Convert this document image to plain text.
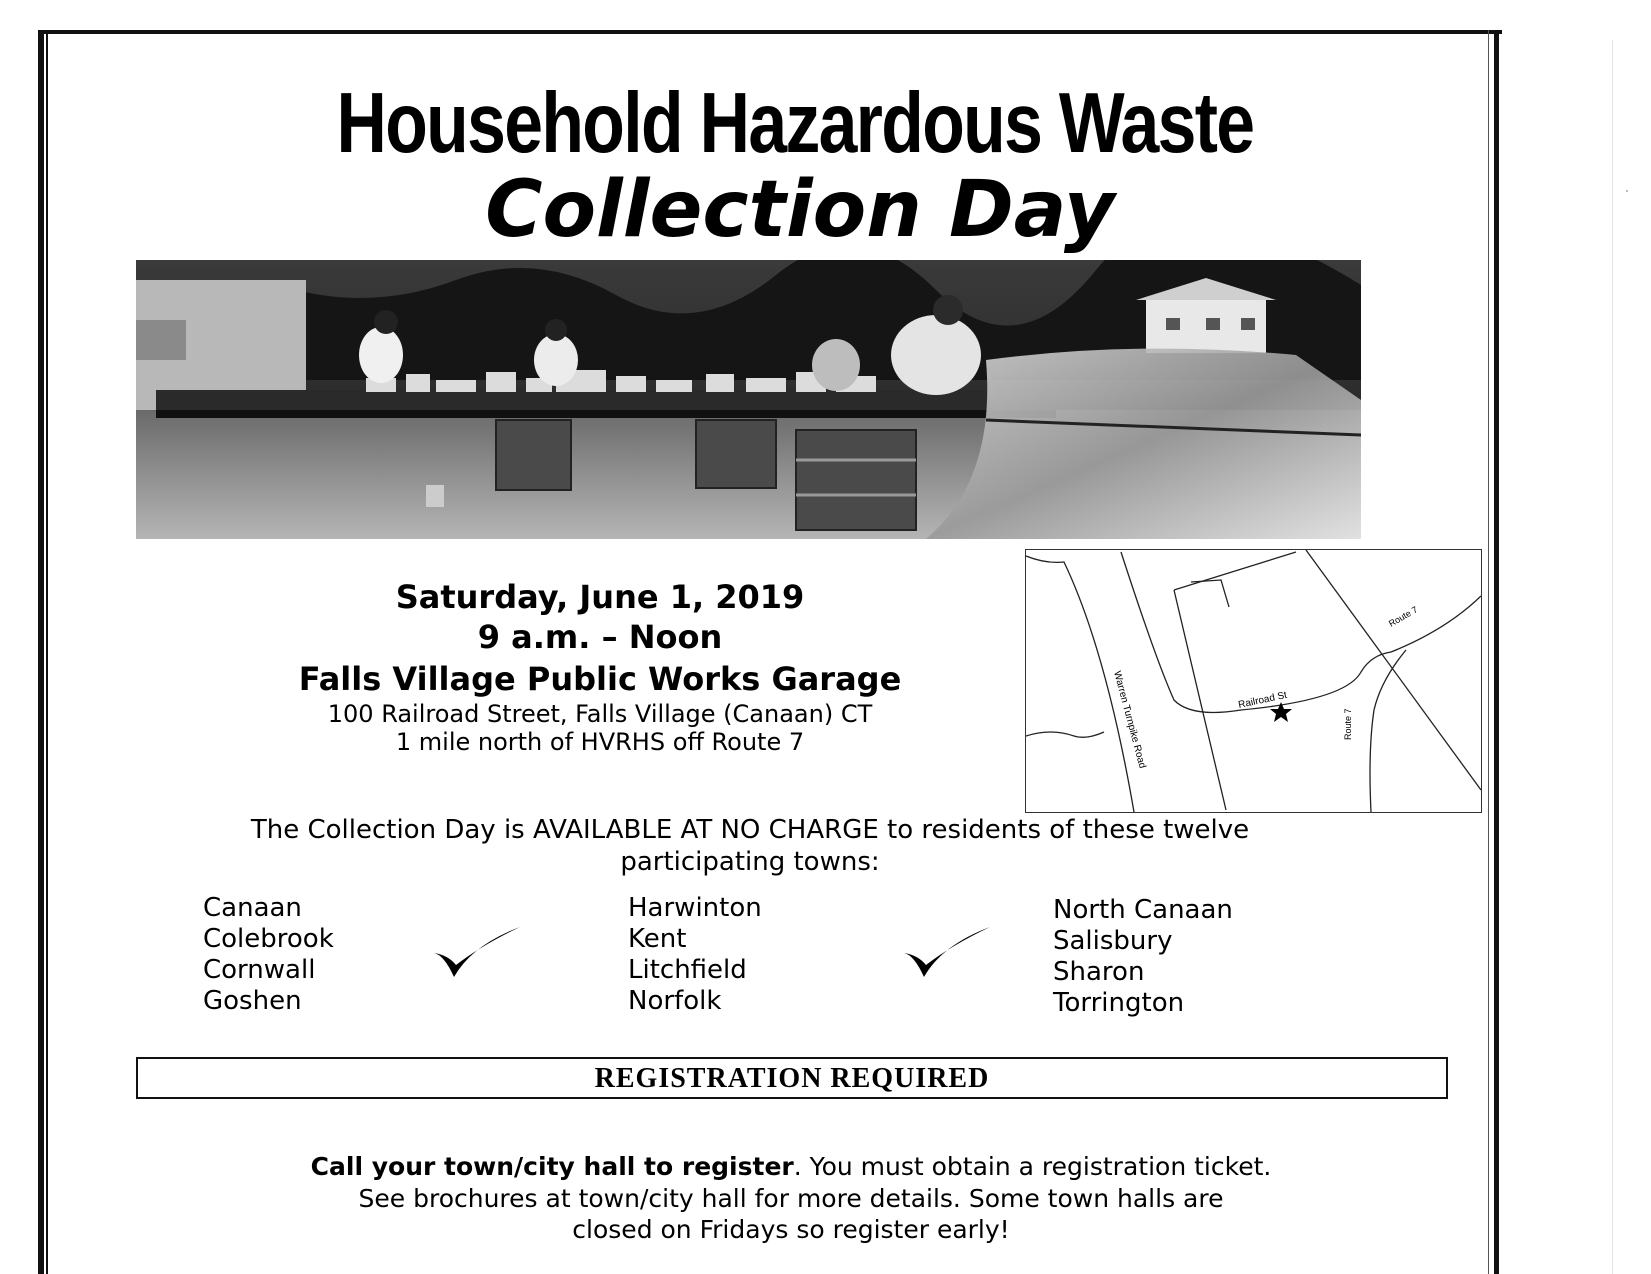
Household Hazardous Waste
Collection Day
Saturday, June 1, 2019
9 a.m. – Noon
Falls Village Public Works Garage
100 Railroad Street, Falls Village (Canaan) CT
1 mile north of HVRHS off Route 7	Warren Turnpike Road	Railroad St
Route 7
Route 7
The Collection Day is AVAILABLE AT NO CHARGE to residents of these twelve
participating towns:
Canaan
Colebrook
Cornwall
Goshen
Harwinton
Kent
Litchfield
Norfolk
North Canaan
Salisbury
Sharon
Torrington
REGISTRATION REQUIRED
Call your town/city hall to register. You must obtain a registration ticket.
See brochures at town/city hall for more details. Some town halls are
closed on Fridays so register early!
